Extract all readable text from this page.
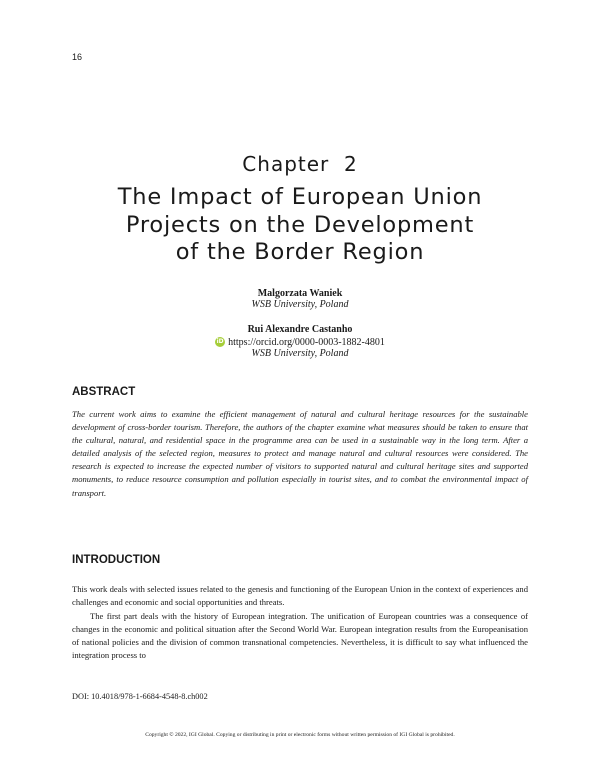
16
Chapter  2
The Impact of European Union
Projects on the Development
of the Border Region
Malgorzata Waniek
WSB University, Poland
Rui Alexandre Castanho
iD https://orcid.org/0000-0003-1882-4801
WSB University, Poland
ABSTRACT

The current work aims to examine the efficient management of natural and cultural heritage resources for the sustainable development of cross-border tourism. Therefore, the authors of the chapter examine what measures should be taken to ensure that the cultural, natural, and residential space in the programme area can be used in a sustainable way in the long term. After a detailed analysis of the selected region, measures to protect and manage natural and cultural resources were considered. The research is expected to increase the expected number of visitors to supported natural and cultural heritage sites and supported monuments, to reduce resource consumption and pollution especially in tourist sites, and to combat the environmental impact of transport.

INTRODUCTION

This work deals with selected issues related to the genesis and functioning of the European Union in the context of experiences and challenges and economic and social opportunities and threats.

The first part deals with the history of European integration. The unification of European countries was a consequence of changes in the economic and political situation after the Second World War. European integration results from the Europeanisation of national policies and the division of common transnational competencies. Nevertheless, it is difficult to say what influenced the integration process to

DOI: 10.4018/978-1-6684-4548-8.ch002
Copyright © 2022, IGI Global. Copying or distributing in print or electronic forms without written permission of IGI Global is prohibited.
